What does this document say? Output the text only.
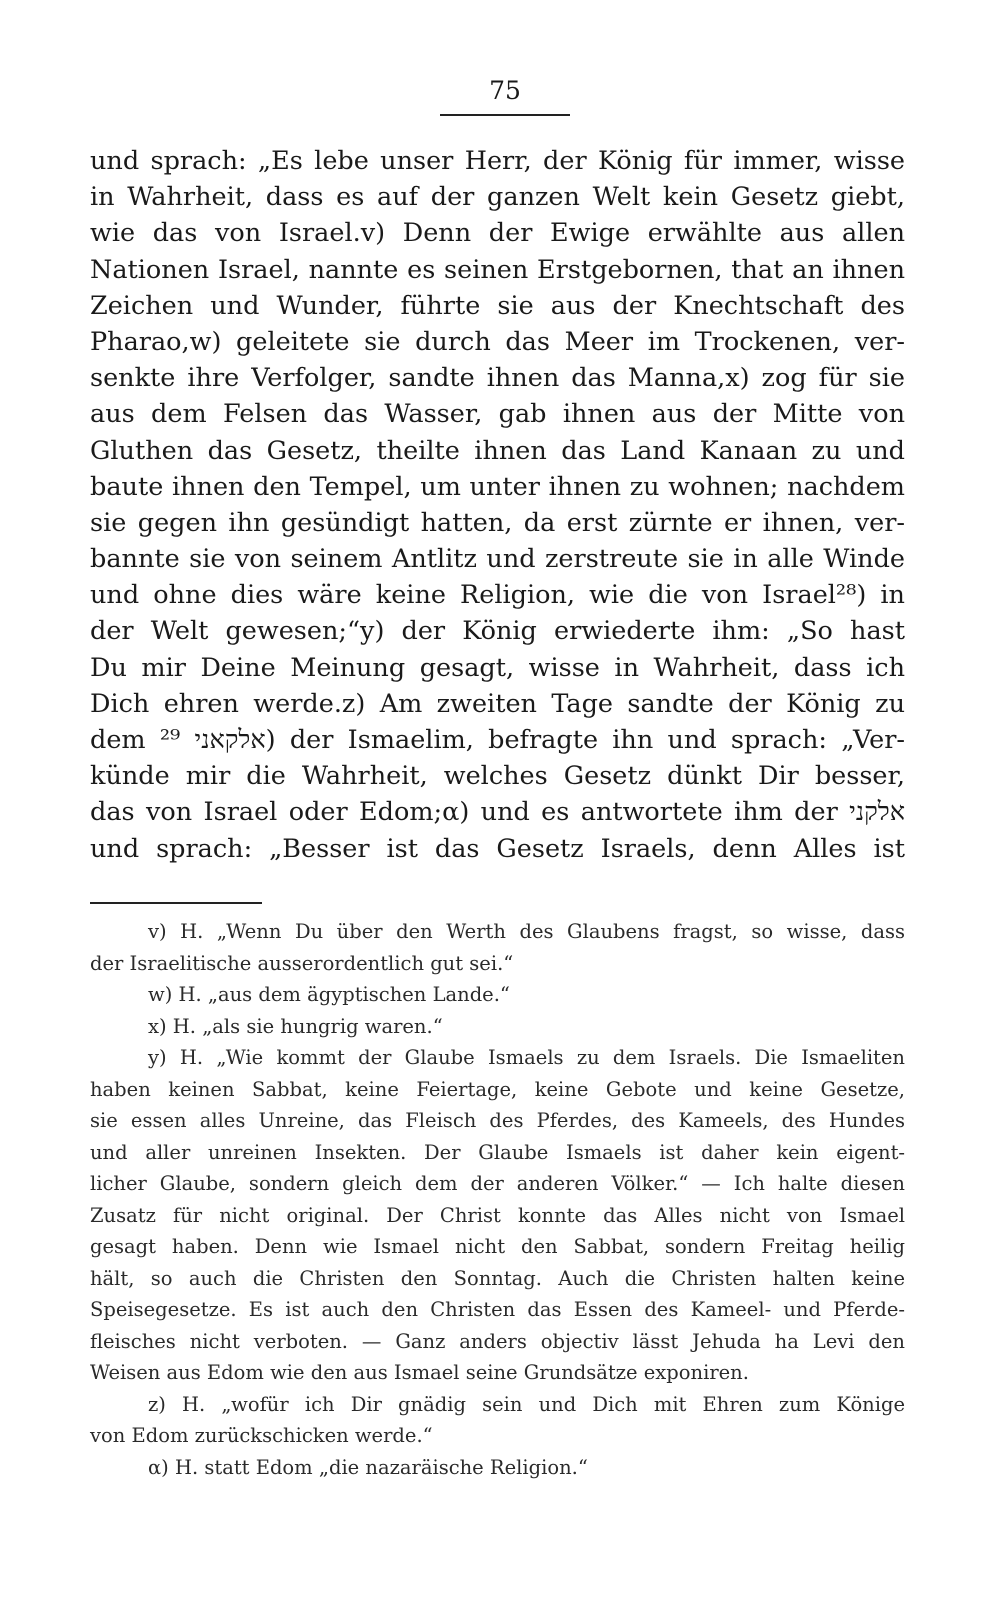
75
und sprach: „Es lebe unser Herr, der König für immer, wisse
in Wahrheit, dass es auf der ganzen Welt kein Gesetz giebt,
wie das von Israel.v) Denn der Ewige erwählte aus allen
Nationen Israel, nannte es seinen Erstgebornen, that an ihnen
Zeichen und Wunder, führte sie aus der Knechtschaft des
Pharao,w) geleitete sie durch das Meer im Trockenen, ver-
senkte ihre Verfolger, sandte ihnen das Manna,x) zog für sie
aus dem Felsen das Wasser, gab ihnen aus der Mitte von
Gluthen das Gesetz, theilte ihnen das Land Kanaan zu und
baute ihnen den Tempel, um unter ihnen zu wohnen; nachdem
sie gegen ihn gesündigt hatten, da erst zürnte er ihnen, ver-
bannte sie von seinem Antlitz und zerstreute sie in alle Winde
und ohne dies wäre keine Religion, wie die von Israel²⁸) in
der Welt gewesen;“y) der König erwiederte ihm: „So hast
Du mir Deine Meinung gesagt, wisse in Wahrheit, dass ich
Dich ehren werde.z) Am zweiten Tage sandte der König zu
dem אלקאני ²⁹) der Ismaelim, befragte ihn und sprach: „Ver-
künde mir die Wahrheit, welches Gesetz dünkt Dir besser,
das von Israel oder Edom;α) und es antwortete ihm der אלקני
und sprach: „Besser ist das Gesetz Israels, denn Alles ist
v) H. „Wenn Du über den Werth des Glaubens fragst, so wisse, dass
der Israelitische ausserordentlich gut sei.“
w) H. „aus dem ägyptischen Lande.“
x) H. „als sie hungrig waren.“
y) H. „Wie kommt der Glaube Ismaels zu dem Israels. Die Ismaeliten
haben keinen Sabbat, keine Feiertage, keine Gebote und keine Gesetze,
sie essen alles Unreine, das Fleisch des Pferdes, des Kameels, des Hundes
und aller unreinen Insekten. Der Glaube Ismaels ist daher kein eigent-
licher Glaube, sondern gleich dem der anderen Völker.“ — Ich halte diesen
Zusatz für nicht original. Der Christ konnte das Alles nicht von Ismael
gesagt haben. Denn wie Ismael nicht den Sabbat, sondern Freitag heilig
hält, so auch die Christen den Sonntag. Auch die Christen halten keine
Speisegesetze. Es ist auch den Christen das Essen des Kameel- und Pferde-
fleisches nicht verboten. — Ganz anders objectiv lässt Jehuda ha Levi den
Weisen aus Edom wie den aus Ismael seine Grundsätze exponiren.
z) H. „wofür ich Dir gnädig sein und Dich mit Ehren zum Könige
von Edom zurückschicken werde.“
α) H. statt Edom „die nazaräische Religion.“
